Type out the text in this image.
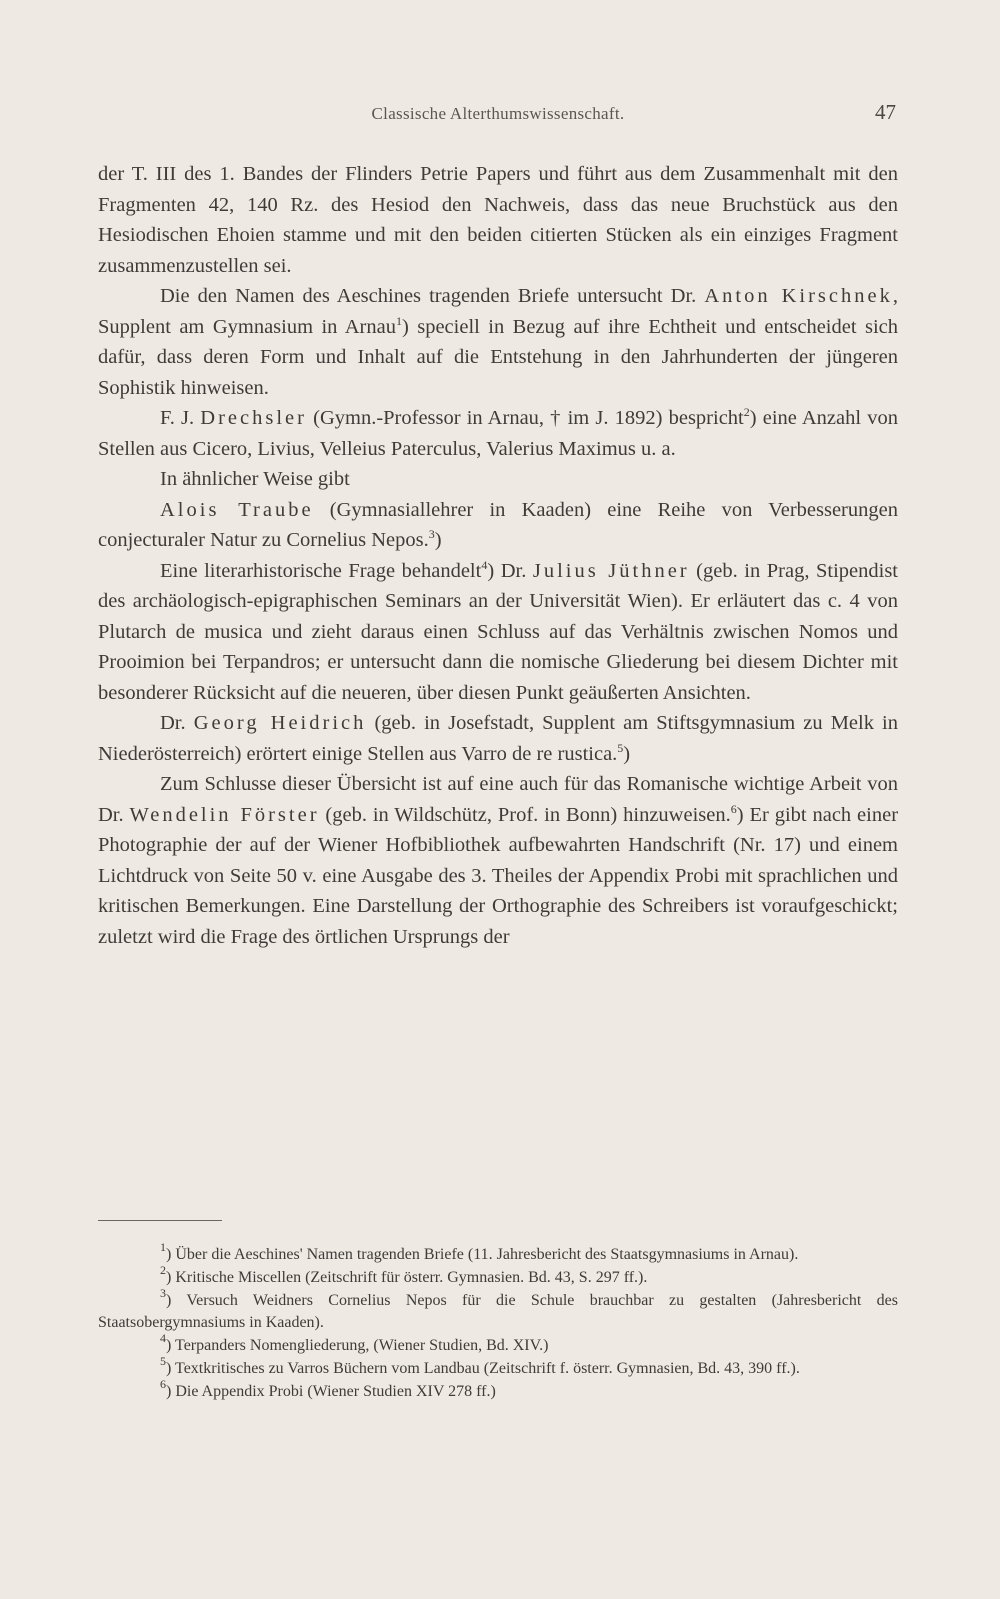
Classische Alterthumswissenschaft.	47

der T. III des 1. Bandes der Flinders Petrie Papers und führt aus dem Zusammenhalt mit den Fragmenten 42, 140 Rz. des Hesiod den Nachweis, dass das neue Bruchstück aus den Hesiodischen Ehoien stamme und mit den beiden citierten Stücken als ein einziges Fragment zusammenzustellen sei.

Die den Namen des Aeschines tragenden Briefe untersucht Dr. Anton Kirschnek, Supplent am Gymnasium in Arnau$^1$) speciell in Bezug auf ihre Echtheit und entscheidet sich dafür, dass deren Form und Inhalt auf die Entstehung in den Jahrhunderten der jüngeren Sophistik hinweisen.

F. J. Drechsler (Gymn.-Professor in Arnau, † im J. 1892) bespricht$^2$) eine Anzahl von Stellen aus Cicero, Livius, Velleius Paterculus, Valerius Maximus u. a.

In ähnlicher Weise gibt

Alois Traube (Gymnasiallehrer in Kaaden) eine Reihe von Verbesserungen conjecturaler Natur zu Cornelius Nepos.$^3$)

Eine literarhistorische Frage behandelt$^4$) Dr. Julius Jüthner (geb. in Prag, Stipendist des archäologisch-epigraphischen Seminars an der Universität Wien). Er erläutert das c. 4 von Plutarch de musica und zieht daraus einen Schluss auf das Verhältnis zwischen Nomos und Prooimion bei Terpandros; er untersucht dann die nomische Gliederung bei diesem Dichter mit besonderer Rücksicht auf die neueren, über diesen Punkt geäußerten Ansichten.

Dr. Georg Heidrich (geb. in Josefstadt, Supplent am Stiftsgymnasium zu Melk in Niederösterreich) erörtert einige Stellen aus Varro de re rustica.$^5$)

Zum Schlusse dieser Übersicht ist auf eine auch für das Romanische wichtige Arbeit von Dr. Wendelin Förster (geb. in Wildschütz, Prof. in Bonn) hinzuweisen.$^6$) Er gibt nach einer Photographie der auf der Wiener Hofbibliothek aufbewahrten Handschrift (Nr. 17) und einem Lichtdruck von Seite 50 v. eine Ausgabe des 3. Theiles der Appendix Probi mit sprachlichen und kritischen Bemerkungen. Eine Darstellung der Orthographie des Schreibers ist voraufgeschickt; zuletzt wird die Frage des örtlichen Ursprungs der

$^1$) Über die Aeschines' Namen tragenden Briefe (11. Jahresbericht des Staatsgymnasiums in Arnau).

$^2$) Kritische Miscellen (Zeitschrift für österr. Gymnasien. Bd. 43, S. 297 ff.).

$^3$) Versuch Weidners Cornelius Nepos für die Schule brauchbar zu gestalten (Jahresbericht des Staatsobergymnasiums in Kaaden).

$^4$) Terpanders Nomengliederung, (Wiener Studien, Bd. XIV.)

$^5$) Textkritisches zu Varros Büchern vom Landbau (Zeitschrift f. österr. Gymnasien, Bd. 43, 390 ff.).

$^6$) Die Appendix Probi (Wiener Studien XIV 278 ff.)
